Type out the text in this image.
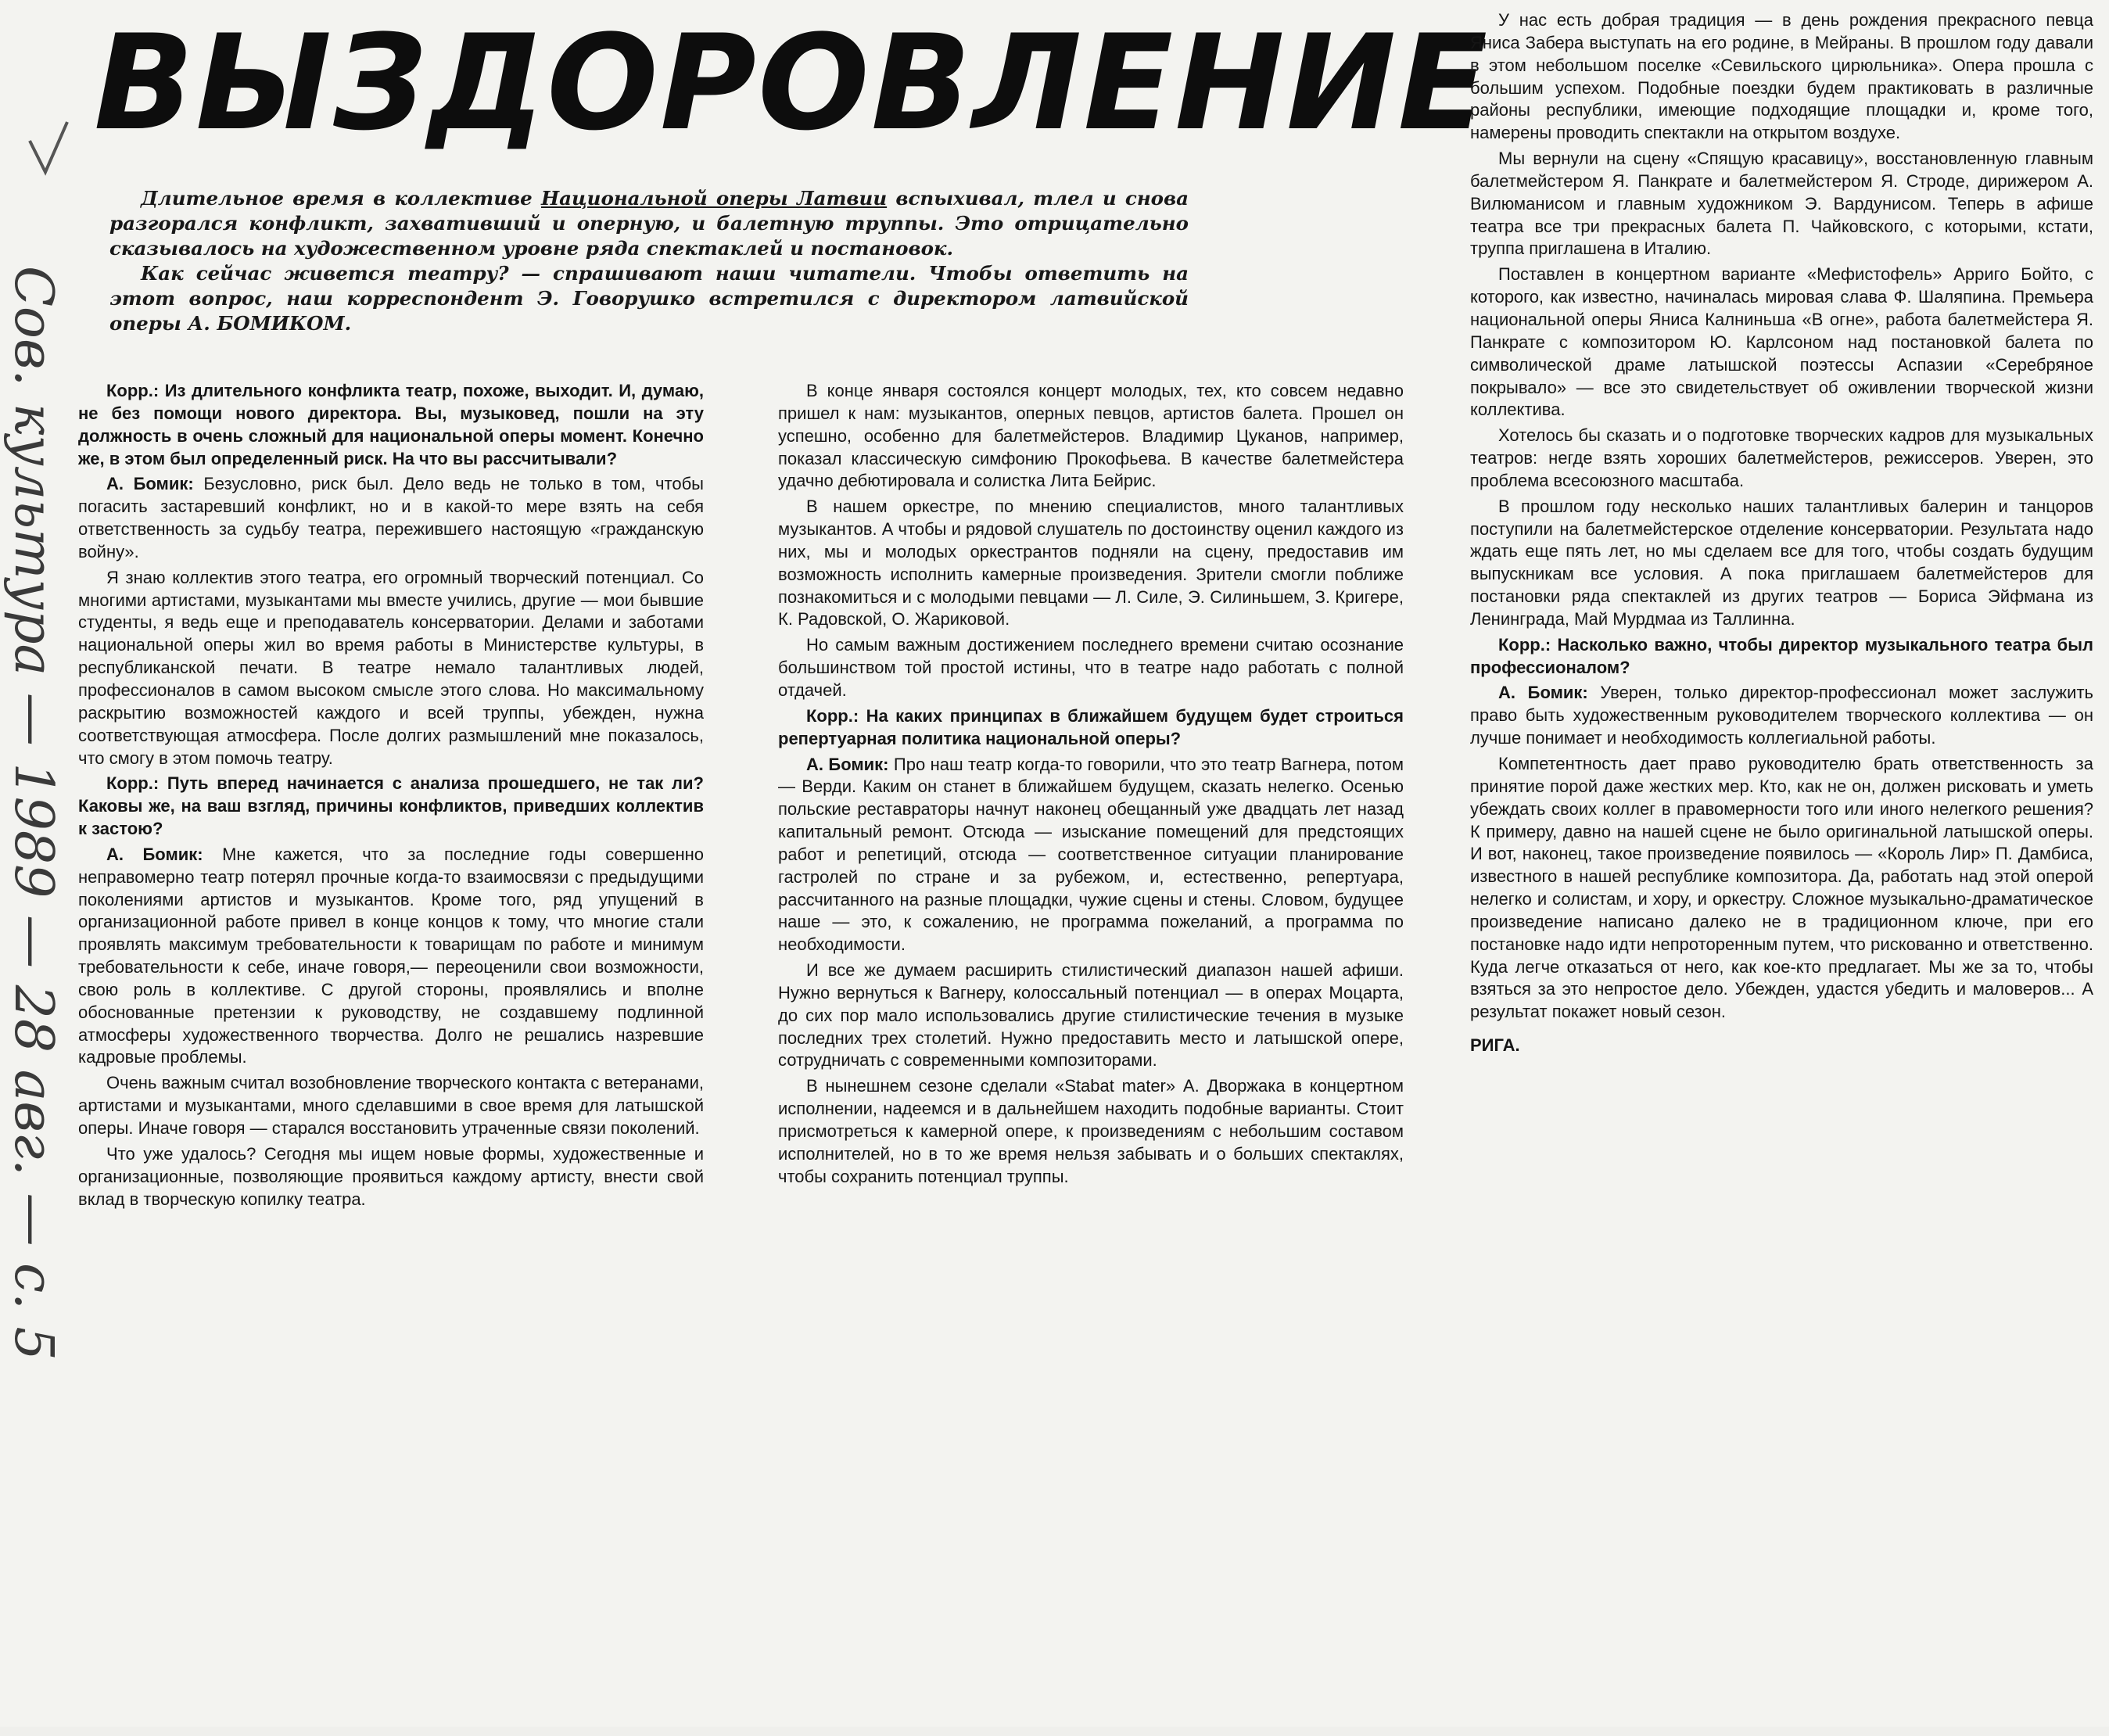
Сов. культура — 1989 — 28 авг. — с. 5
ВЫЗДОРОВЛЕНИЕ

Длительное время в коллективе Национальной оперы Латвии вспыхивал, тлел и снова разгорался конфликт, захвативший и оперную, и балетную труппы. Это отрицательно сказывалось на художественном уровне ряда спектаклей и постановок.

Как сейчас живется театру? — спрашивают наши читатели. Чтобы ответить на этот вопрос, наш корреспондент Э. Говорушко встретился с директором латвийской оперы А. БОМИКОМ.

Корр.: Из длительного конфликта театр, похоже, выходит. И, думаю, не без помощи нового директора. Вы, музыковед, пошли на эту должность в очень сложный для национальной оперы момент. Конечно же, в этом был определенный риск. На что вы рассчитывали?

А. Бомик: Безусловно, риск был. Дело ведь не только в том, чтобы погасить застаревший конфликт, но и в какой-то мере взять на себя ответственность за судьбу театра, пережившего настоящую «гражданскую войну».

Я знаю коллектив этого театра, его огромный творческий потенциал. Со многими артистами, музыкантами мы вместе учились, другие — мои бывшие студенты, я ведь еще и преподаватель консерватории. Делами и заботами национальной оперы жил во время работы в Министерстве культуры, в республиканской печати. В театре немало талантливых людей, профессионалов в самом высоком смысле этого слова. Но максимальному раскрытию возможностей каждого и всей труппы, убежден, нужна соответствующая атмосфера. После долгих размышлений мне показалось, что смогу в этом помочь театру.

Корр.: Путь вперед начинается с анализа прошедшего, не так ли? Каковы же, на ваш взгляд, причины конфликтов, приведших коллектив к застою?

А. Бомик: Мне кажется, что за последние годы совершенно неправомерно театр потерял прочные когда-то взаимосвязи с предыдущими поколениями артистов и музыкантов. Кроме того, ряд упущений в организационной работе привел в конце концов к тому, что многие стали проявлять максимум требовательности к товарищам по работе и минимум требовательности к себе, иначе говоря,— переоценили свои возможности, свою роль в коллективе. С другой стороны, проявлялись и вполне обоснованные претензии к руководству, не создавшему подлинной атмосферы художественного творчества. Долго не решались назревшие кадровые проблемы.

Очень важным считал возобновление творческого контакта с ветеранами, артистами и музыкантами, много сделавшими в свое время для латышской оперы. Иначе говоря — старался восстановить утраченные связи поколений.

Что уже удалось? Сегодня мы ищем новые формы, художественные и организационные, позволяющие проявиться каждому артисту, внести свой вклад в творческую копилку театра.

В конце января состоялся концерт молодых, тех, кто совсем недавно пришел к нам: музыкантов, оперных певцов, артистов балета. Прошел он успешно, особенно для балетмейстеров. Владимир Цуканов, например, показал классическую симфонию Прокофьева. В качестве балетмейстера удачно дебютировала и солистка Лита Бейрис.

В нашем оркестре, по мнению специалистов, много талантливых музыкантов. А чтобы и рядовой слушатель по достоинству оценил каждого из них, мы и молодых оркестрантов подняли на сцену, предоставив им возможность исполнить камерные произведения. Зрители смогли поближе познакомиться и с молодыми певцами — Л. Силе, Э. Силиньшем, З. Кригере, К. Радовской, О. Жариковой.

Но самым важным достижением последнего времени считаю осознание большинством той простой истины, что в театре надо работать с полной отдачей.

Корр.: На каких принципах в ближайшем будущем будет строиться репертуарная политика национальной оперы?

А. Бомик: Про наш театр когда-то говорили, что это театр Вагнера, потом — Верди. Каким он станет в ближайшем будущем, сказать нелегко. Осенью польские реставраторы начнут наконец обещанный уже двадцать лет назад капитальный ремонт. Отсюда — изыскание помещений для предстоящих работ и репетиций, отсюда — соответственное ситуации планирование гастролей по стране и за рубежом, и, естественно, репертуара, рассчитанного на разные площадки, чужие сцены и стены. Словом, будущее наше — это, к сожалению, не программа пожеланий, а программа по необходимости.

И все же думаем расширить стилистический диапазон нашей афиши. Нужно вернуться к Вагнеру, колоссальный потенциал — в операх Моцарта, до сих пор мало использовались другие стилистические течения в музыке последних трех столетий. Нужно предоставить место и латышской опере, сотрудничать с современными композиторами.

В нынешнем сезоне сделали «Stabat mater» А. Дворжака в концертном исполнении, надеемся и в дальнейшем находить подобные варианты. Стоит присмотреться к камерной опере, к произведениям с небольшим составом исполнителей, но в то же время нельзя забывать и о больших спектаклях, чтобы сохранить потенциал труппы.

У нас есть добрая традиция — в день рождения прекрасного певца Яниса Забера выступать на его родине, в Мейраны. В прошлом году давали в этом небольшом поселке «Севильского цирюльника». Опера прошла с большим успехом. Подобные поездки будем практиковать в различные районы республики, имеющие подходящие площадки и, кроме того, намерены проводить спектакли на открытом воздухе.

Мы вернули на сцену «Спящую красавицу», восстановленную главным балетмейстером Я. Панкрате и балетмейстером Я. Строде, дирижером А. Вилюманисом и главным художником Э. Вардунисом. Теперь в афише театра все три прекрасных балета П. Чайковского, с которыми, кстати, труппа приглашена в Италию.

Поставлен в концертном варианте «Мефистофель» Арриго Бойто, с которого, как известно, начиналась мировая слава Ф. Шаляпина. Премьера национальной оперы Яниса Калниньша «В огне», работа балетмейстера Я. Панкрате с композитором Ю. Карлсоном над постановкой балета по символической драме латышской поэтессы Аспазии «Серебряное покрывало» — все это свидетельствует об оживлении творческой жизни коллектива.

Хотелось бы сказать и о подготовке творческих кадров для музыкальных театров: негде взять хороших балетмейстеров, режиссеров. Уверен, это проблема всесоюзного масштаба.

В прошлом году несколько наших талантливых балерин и танцоров поступили на балетмейстерское отделение консерватории. Результата надо ждать еще пять лет, но мы сделаем все для того, чтобы создать будущим выпускникам все условия. А пока приглашаем балетмейстеров для постановки ряда спектаклей из других театров — Бориса Эйфмана из Ленинграда, Май Мурдмаа из Таллинна.

Корр.: Насколько важно, чтобы директор музыкального театра был профессионалом?

А. Бомик: Уверен, только директор-профессионал может заслужить право быть художественным руководителем творческого коллектива — он лучше понимает и необходимость коллегиальной работы.

Компетентность дает право руководителю брать ответственность за принятие порой даже жестких мер. Кто, как не он, должен рисковать и уметь убеждать своих коллег в правомерности того или иного нелегкого решения? К примеру, давно на нашей сцене не было оригинальной латышской оперы. И вот, наконец, такое произведение появилось — «Король Лир» П. Дамбиса, известного в нашей республике композитора. Да, работать над этой оперой нелегко и солистам, и хору, и оркестру. Сложное музыкально-драматическое произведение написано далеко не в традиционном ключе, при его постановке надо идти непроторенным путем, что рискованно и ответственно. Куда легче отказаться от него, как кое-кто предлагает. Мы же за то, чтобы взяться за это непростое дело. Убежден, удастся убедить и маловеров... А результат покажет новый сезон.

РИГА.
